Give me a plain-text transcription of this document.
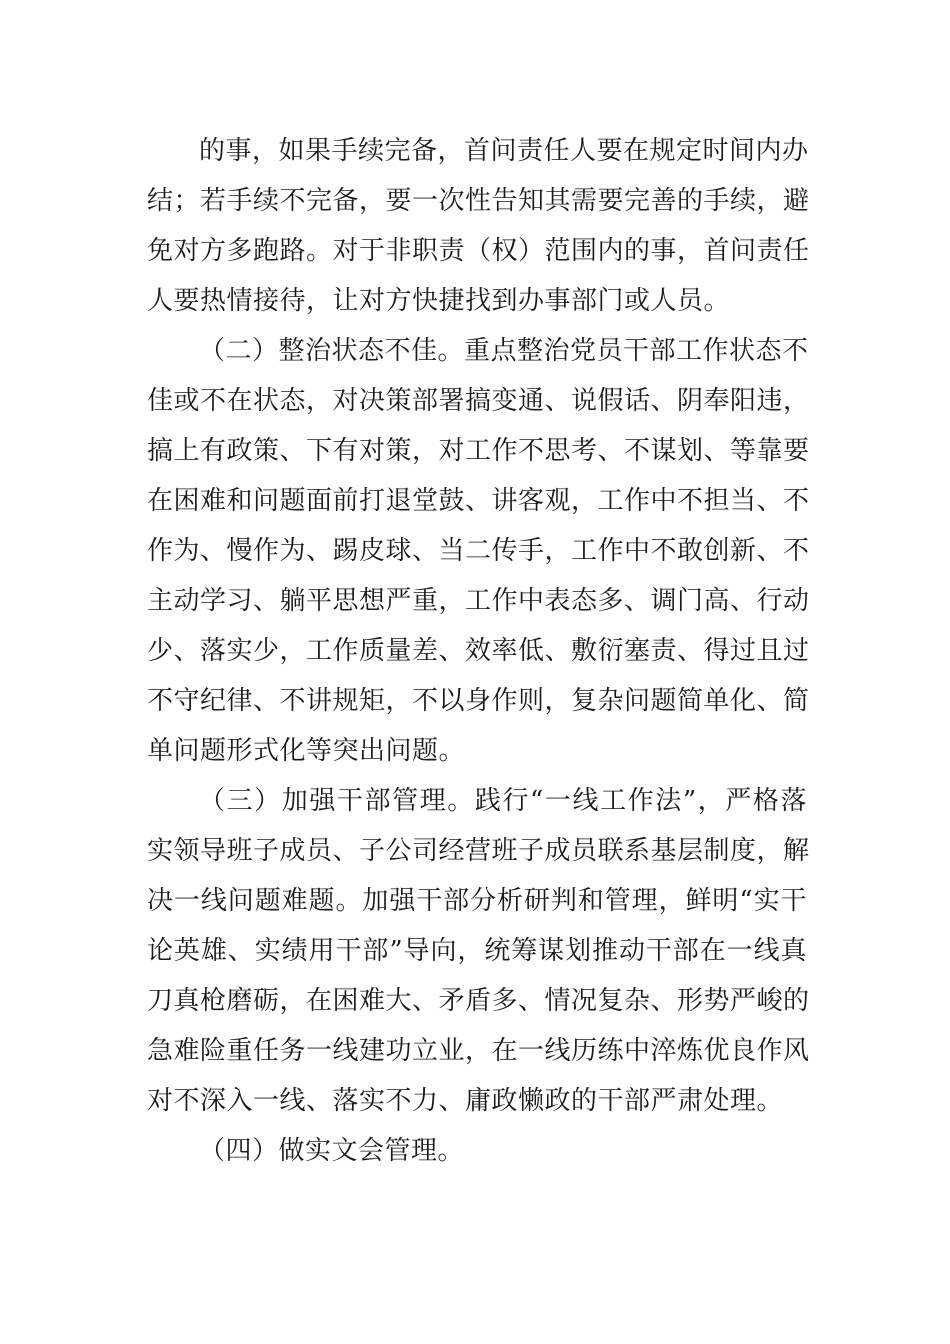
的事，如果手续完备，首问责任人要在规定时间内办
结；若手续不完备，要一次性告知其需要完善的手续，避
免对方多跑路。对于非职责（权）范围内的事，首问责任
人要热情接待，让对方快捷找到办事部门或人员。
（二）整治状态不佳。重点整治党员干部工作状态不
佳或不在状态，对决策部署搞变通、说假话、阴奉阳违，
搞上有政策、下有对策，对工作不思考、不谋划、等靠要
在困难和问题面前打退堂鼓、讲客观，工作中不担当、不
作为、慢作为、踢皮球、当二传手，工作中不敢创新、不
主动学习、躺平思想严重，工作中表态多、调门高、行动
少、落实少，工作质量差、效率低、敷衍塞责、得过且过
不守纪律、不讲规矩，不以身作则，复杂问题简单化、简
单问题形式化等突出问题。
（三）加强干部管理。践行“一线工作法”，严格落
实领导班子成员、子公司经营班子成员联系基层制度，解
决一线问题难题。加强干部分析研判和管理，鲜明“实干
论英雄、实绩用干部”导向，统筹谋划推动干部在一线真
刀真枪磨砺，在困难大、矛盾多、情况复杂、形势严峻的
急难险重任务一线建功立业，在一线历练中淬炼优良作风
对不深入一线、落实不力、庸政懒政的干部严肃处理。
（四）做实文会管理。
